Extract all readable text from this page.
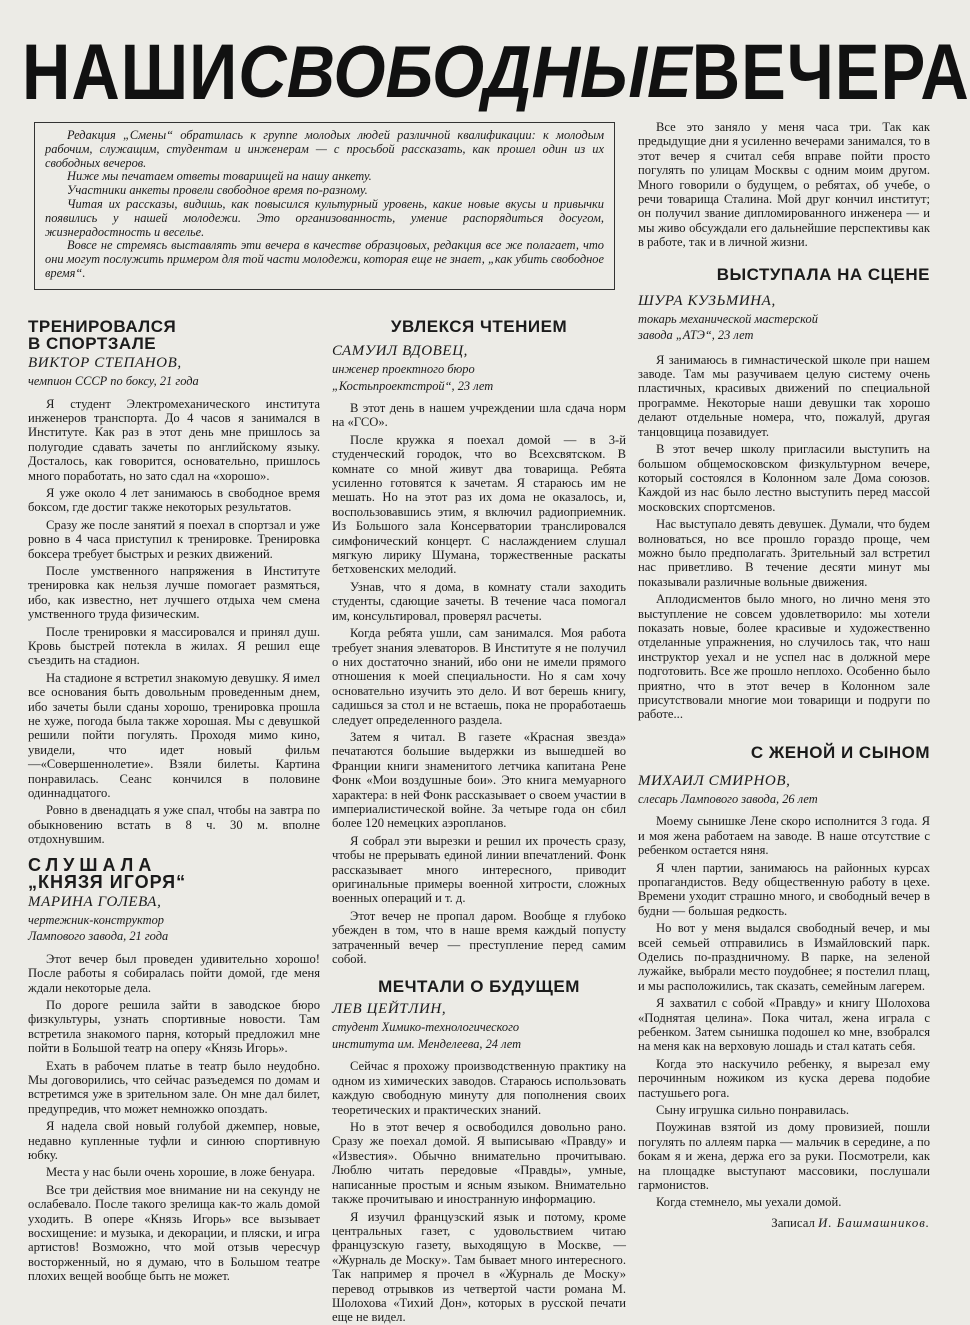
НАШИ СВОБОДНЫЕ ВЕЧЕРА

Редакция „Смены“ обратилась к группе молодых людей различной квалификации: к молодым рабочим, служащим, студентам и инженерам — с просьбой рассказать, как прошел один из их свободных вечеров.

Ниже мы печатаем ответы товарищей на нашу анкету.

Участники анкеты провели свободное время по-разному.

Читая их рассказы, видишь, как повысился культурный уровень, какие новые вкусы и привычки появились у нашей молодежи. Это организованность, умение распорядиться досугом, жизнерадостность и веселье.

Вовсе не стремясь выставлять эти вечера в качестве образцовых, редакция все же полагает, что они могут послужить примером для той части молодежи, которая еще не знает, „как убить свободное время“.

ТРЕНИРОВАЛСЯ
В СПОРТЗАЛЕ

ВИКТОР СТЕПАНОВ,

чемпион СССР по боксу, 21 года

Я студент Электромеханического института инженеров транспорта. До 4 часов я занимался в Институте. Как раз в этот день мне пришлось за полугодие сдавать зачеты по английскому языку. Досталось, как говорится, основательно, пришлось много поработать, но зато сдал на «хорошо».

Я уже около 4 лет занимаюсь в свободное время боксом, где достиг также некоторых результатов.

Сразу же после занятий я поехал в спортзал и уже ровно в 4 часа приступил к тренировке. Тренировка боксера требует быстрых и резких движений.

После умственного напряжения в Институте тренировка как нельзя лучше помогает размяться, ибо, как известно, нет лучшего отдыха чем смена умственного труда физическим.

После тренировки я массировался и принял душ. Кровь быстрей потекла в жилах. Я решил еще съездить на стадион.

На стадионе я встретил знакомую девушку. Я имел все основания быть довольным проведенным днем, ибо зачеты были сданы хорошо, тренировка прошла не хуже, погода была также хорошая. Мы с девушкой решили пойти погулять. Проходя мимо кино, увидели, что идет новый фильм—«Совершеннолетие». Взяли билеты. Картина понравилась. Сеанс кончился в половине одиннадцатого.

Ровно в двенадцать я уже спал, чтобы на завтра по обыкновению встать в 8 ч. 30 м. вполне отдохнувшим.

СЛУШАЛА
„КНЯЗЯ ИГОРЯ“

МАРИНА ГОЛЕВА,

чертежник-конструктор

Лампового завода, 21 года

Этот вечер был проведен удивительно хорошо! После работы я собиралась пойти домой, где меня ждали некоторые дела.

По дороге решила зайти в заводское бюро физкультуры, узнать спортивные новости. Там встретила знакомого парня, который предложил мне пойти в Большой театр на оперу «Князь Игорь».

Ехать в рабочем платье в театр было неудобно. Мы договорились, что сейчас разъедемся по домам и встретимся уже в зрительном зале. Он мне дал билет, предупредив, что может немножко опоздать.

Я надела свой новый голубой джемпер, новые, недавно купленные туфли и синюю спортивную юбку.

Места у нас были очень хорошие, в ложе бенуара.

Все три действия мое внимание ни на секунду не ослабевало. После такого зрелища как-то жаль домой уходить. В опере «Князь Игорь» все вызывает восхищение: и музыка, и декорации, и пляски, и игра артистов! Возможно, что мой отзыв чересчур восторженный, но я думаю, что в Большом театре плохих вещей вообще быть не может.

УВЛЕКСЯ ЧТЕНИЕМ

САМУИЛ ВДОВЕЦ,

инженер проектного бюро

„Костьпроектстрой“, 23 лет

В этот день в нашем учреждении шла сдача норм на «ГСО».

После кружка я поехал домой — в 3-й студенческий городок, что во Всехсвятском. В комнате со мной живут два товарища. Ребята усиленно готовятся к зачетам. Я стараюсь им не мешать. Но на этот раз их дома не оказалось, и, воспользовавшись этим, я включил радиоприемник. Из Большого зала Консерватории транслировался симфонический концерт. С наслаждением слушал мягкую лирику Шумана, торжественные раскаты бетховенских мелодий.

Узнав, что я дома, в комнату стали заходить студенты, сдающие зачеты. В течение часа помогал им, консультировал, проверял расчеты.

Когда ребята ушли, сам занимался. Моя работа требует знания элеваторов. В Институте я не получил о них достаточно знаний, ибо они не имели прямого отношения к моей специальности. Но я сам хочу основательно изучить это дело. И вот берешь книгу, садишься за стол и не встаешь, пока не проработаешь следует определенного раздела.

Затем я читал. В газете «Красная звезда» печатаются большие выдержки из вышедшей во Франции книги знаменитого летчика капитана Рене Фонк «Мои воздушные бои». Это книга мемуарного характера: в ней Фонк рассказывает о своем участии в империалистической войне. За четыре года он сбил более 120 немецких аэропланов.

Я собрал эти вырезки и решил их прочесть сразу, чтобы не прерывать единой линии впечатлений. Фонк рассказывает много интересного, приводит оригинальные примеры военной хитрости, сложных военных операций и т. д.

Этот вечер не пропал даром. Вообще я глубоко убежден в том, что в наше время каждый попусту затраченный вечер — преступление перед самим собой.

МЕЧТАЛИ О БУДУЩЕМ

ЛЕВ ЦЕЙТЛИН,

студент Химико-технологического

института им. Менделеева, 24 лет

Сейчас я прохожу производственную практику на одном из химических заводов. Стараюсь использовать каждую свободную минуту для пополнения своих теоретических и практических знаний.

Но в этот вечер я освободился довольно рано. Сразу же поехал домой. Я выписываю «Правду» и «Известия». Обычно внимательно прочитываю. Люблю читать передовые «Правды», умные, написанные простым и ясным языком. Внимательно также прочитываю и иностранную информацию.

Я изучил французский язык и потому, кроме центральных газет, с удовольствием читаю французскую газету, выходящую в Москве, — «Журналь де Моску». Там бывает много интересного. Так например я прочел в «Журналь де Моску» перевод отрывков из четвертой части романа М. Шолохова «Тихий Дон», которых в русской печати еще не видел.

Все это заняло у меня часа три. Так как предыдущие дни я усиленно вечерами занимался, то в этот вечер я считал себя вправе пойти просто погулять по улицам Москвы с одним моим другом. Много говорили о будущем, о ребятах, об учебе, о речи товарища Сталина. Мой друг кончил институт; он получил звание дипломированного инженера — и мы живо обсуждали его дальнейшие перспективы как в работе, так и в личной жизни.

ВЫСТУПАЛА НА СЦЕНЕ

ШУРА КУЗЬМИНА,

токарь механической мастерской

завода „АТЭ“, 23 лет

Я занимаюсь в гимнастической школе при нашем заводе. Там мы разучиваем целую систему очень пластичных, красивых движений по специальной программе. Некоторые наши девушки так хорошо делают отдельные номера, что, пожалуй, другая танцовщица позавидует.

В этот вечер школу пригласили выступить на большом общемосковском физкультурном вечере, который состоялся в Колонном зале Дома союзов. Каждой из нас было лестно выступить перед массой московских спортсменов.

Нас выступало девять девушек. Думали, что будем волноваться, но все прошло гораздо проще, чем можно было предполагать. Зрительный зал встретил нас приветливо. В течение десяти минут мы показывали различные вольные движения.

Аплодисментов было много, но лично меня это выступление не совсем удовлетворило: мы хотели показать новые, более красивые и художественно отделанные упражнения, но случилось так, что наш инструктор уехал и не успел нас в должной мере подготовить. Все же прошло неплохо. Особенно было приятно, что в этот вечер в Колонном зале присутствовали многие мои товарищи и подруги по работе...

С ЖЕНОЙ И СЫНОМ

МИХАИЛ СМИРНОВ,

слесарь Лампового завода, 26 лет

Моему сынишке Лене скоро исполнится 3 года. Я и моя жена работаем на заводе. В наше отсутствие с ребенком остается няня.

Я член партии, занимаюсь на районных курсах пропагандистов. Веду общественную работу в цехе. Времени уходит страшно много, и свободный вечер в будни — большая редкость.

Но вот у меня выдался свободный вечер, и мы всей семьей отправились в Измайловский парк. Оделись по-праздничному. В парке, на зеленой лужайке, выбрали место поудобнее; я постелил плащ, и мы расположились, так сказать, семейным лагерем.

Я захватил с собой «Правду» и книгу Шолохова «Поднятая целина». Пока читал, жена играла с ребенком. Затем сынишка подошел ко мне, взобрался на меня как на верховую лошадь и стал катать себя.

Когда это наскучило ребенку, я вырезал ему перочинным ножиком из куска дерева подобие пастушьего рога.

Сыну игрушка сильно понравилась.

Поужинав взятой из дому провизией, пошли погулять по аллеям парка — мальчик в середине, а по бокам я и жена, держа его за руки. Посмотрели, как на площадке выступают массовики, послушали гармонистов.

Когда стемнело, мы уехали домой.

Записал И. Башмашников.
